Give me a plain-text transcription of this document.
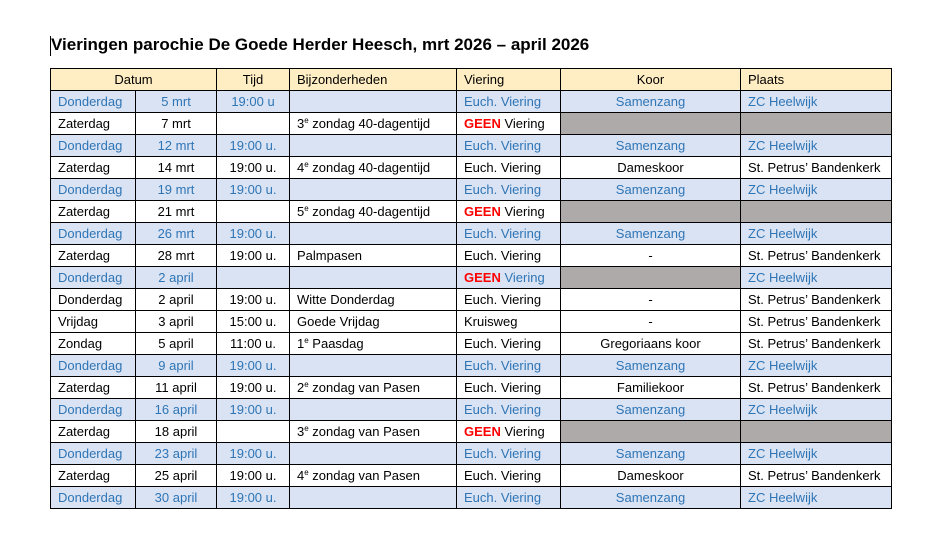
Vieringen parochie De Goede Herder Heesch, mrt 2026 – april 2026
Datum		Tijd	Bijzonderheden	Viering	Koor	Plaats
Donderdag	5 mrt	19:00 u		Euch. Viering	Samenzang	ZC Heelwijk
Zaterdag	7 mrt		3e zondag 40-dagentijd	GEEN Viering		
Donderdag	12 mrt	19:00 u.		Euch. Viering	Samenzang	ZC Heelwijk
Zaterdag	14 mrt	19:00 u.	4e zondag 40-dagentijd	Euch. Viering	Dameskoor	St. Petrus’ Bandenkerk
Donderdag	19 mrt	19:00 u.		Euch. Viering	Samenzang	ZC Heelwijk
Zaterdag	21 mrt		5e zondag 40-dagentijd	GEEN Viering		
Donderdag	26 mrt	19:00 u.		Euch. Viering	Samenzang	ZC Heelwijk
Zaterdag	28 mrt	19:00 u.	Palmpasen	Euch. Viering	-	St. Petrus’ Bandenkerk
Donderdag	2 april			GEEN Viering		ZC Heelwijk
Donderdag	2 april	19:00 u.	Witte Donderdag	Euch. Viering	-	St. Petrus’ Bandenkerk
Vrijdag	3 april	15:00 u.	Goede Vrijdag	Kruisweg	-	St. Petrus’ Bandenkerk
Zondag	5 april	11:00 u.	1e Paasdag	Euch. Viering	Gregoriaans koor	St. Petrus’ Bandenkerk
Donderdag	9 april	19:00 u.		Euch. Viering	Samenzang	ZC Heelwijk
Zaterdag	11 april	19:00 u.	2e zondag van Pasen	Euch. Viering	Familiekoor	St. Petrus’ Bandenkerk
Donderdag	16 april	19:00 u.		Euch. Viering	Samenzang	ZC Heelwijk
Zaterdag	18 april		3e zondag van Pasen	GEEN Viering		
Donderdag	23 april	19:00 u.		Euch. Viering	Samenzang	ZC Heelwijk
Zaterdag	25 april	19:00 u.	4e zondag van Pasen	Euch. Viering	Dameskoor	St. Petrus’ Bandenkerk
Donderdag	30 april	19:00 u.		Euch. Viering	Samenzang	ZC Heelwijk
